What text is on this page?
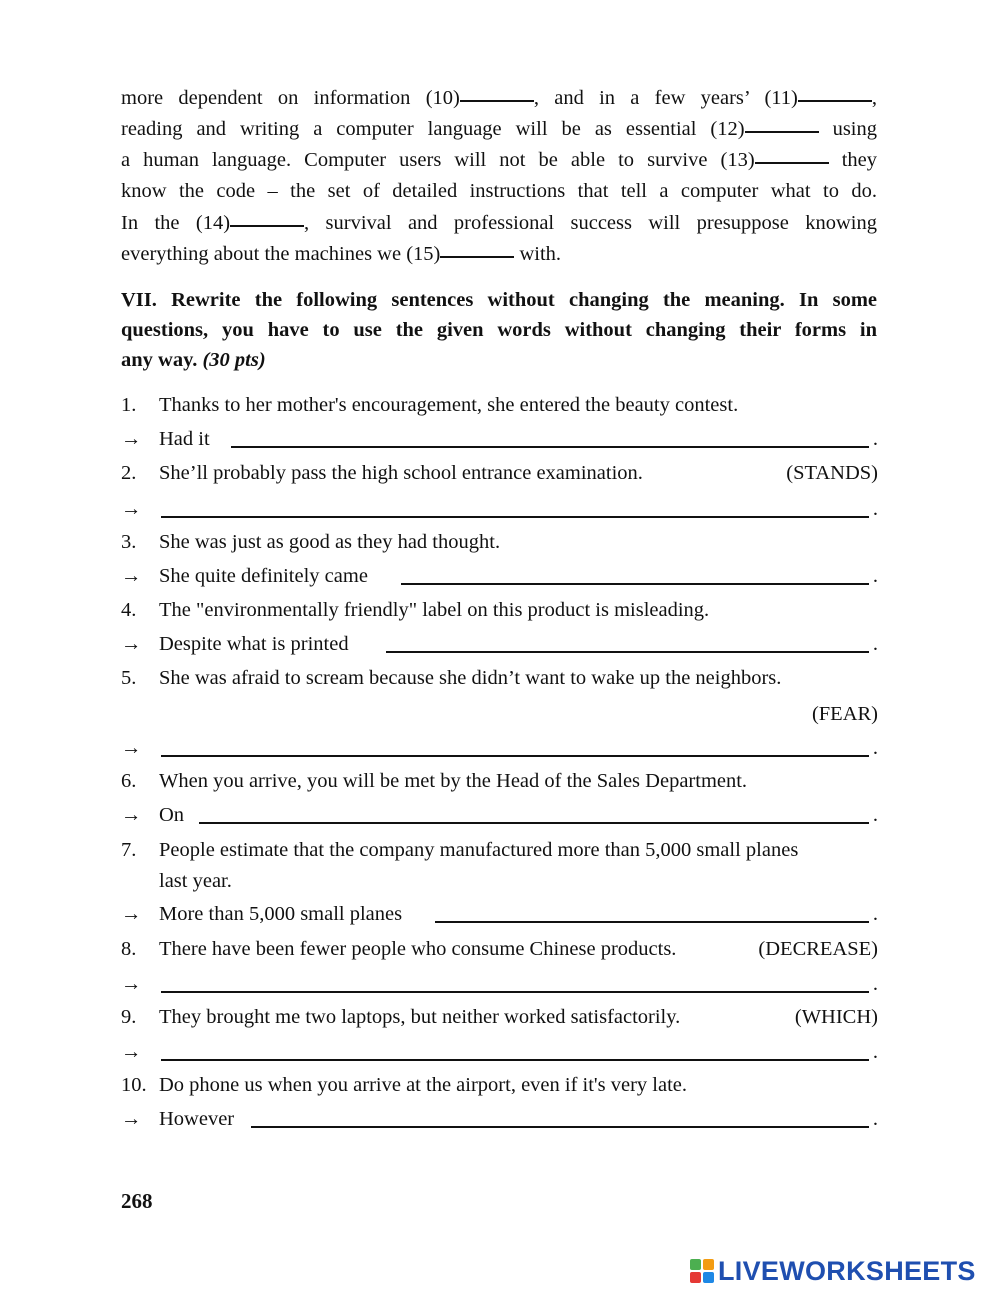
more dependent on information (10)	, and in a few years’ (11)	,
reading and writing a computer language will be as essential (12)	using
a human language. Computer users will not be able to survive (13)	they
know the code – the set of detailed instructions that tell a computer what to do.
In the (14)	, survival and professional success will presuppose knowing
everything about the machines we (15)	with.
VII. Rewrite the following sentences without changing the meaning. In some
questions, you have to use the given words without changing their forms in
any way. (30 pts)
1. Thanks to her mother's encouragement, she entered the beauty contest.
→ Had it	.
2. She’ll probably pass the high school entrance examination.	(STANDS)
→	.
3. She was just as good as they had thought.
→ She quite definitely came	.
4. The "environmentally friendly" label on this product is misleading.
→ Despite what is printed	.
5. She was afraid to scream because she didn’t want to wake up the neighbors.
(FEAR)
→	.
6. When you arrive, you will be met by the Head of the Sales Department.
→ On	.
7. People estimate that the company manufactured more than 5,000 small planes
last year.
→ More than 5,000 small planes	.
8. There have been fewer people who consume Chinese products.	(DECREASE)
→	.
9. They brought me two laptops, but neither worked satisfactorily.	(WHICH)
→	.
10. Do phone us when you arrive at the airport, even if it's very late.
→ However	.
268
LIVEWORKSHEETS
